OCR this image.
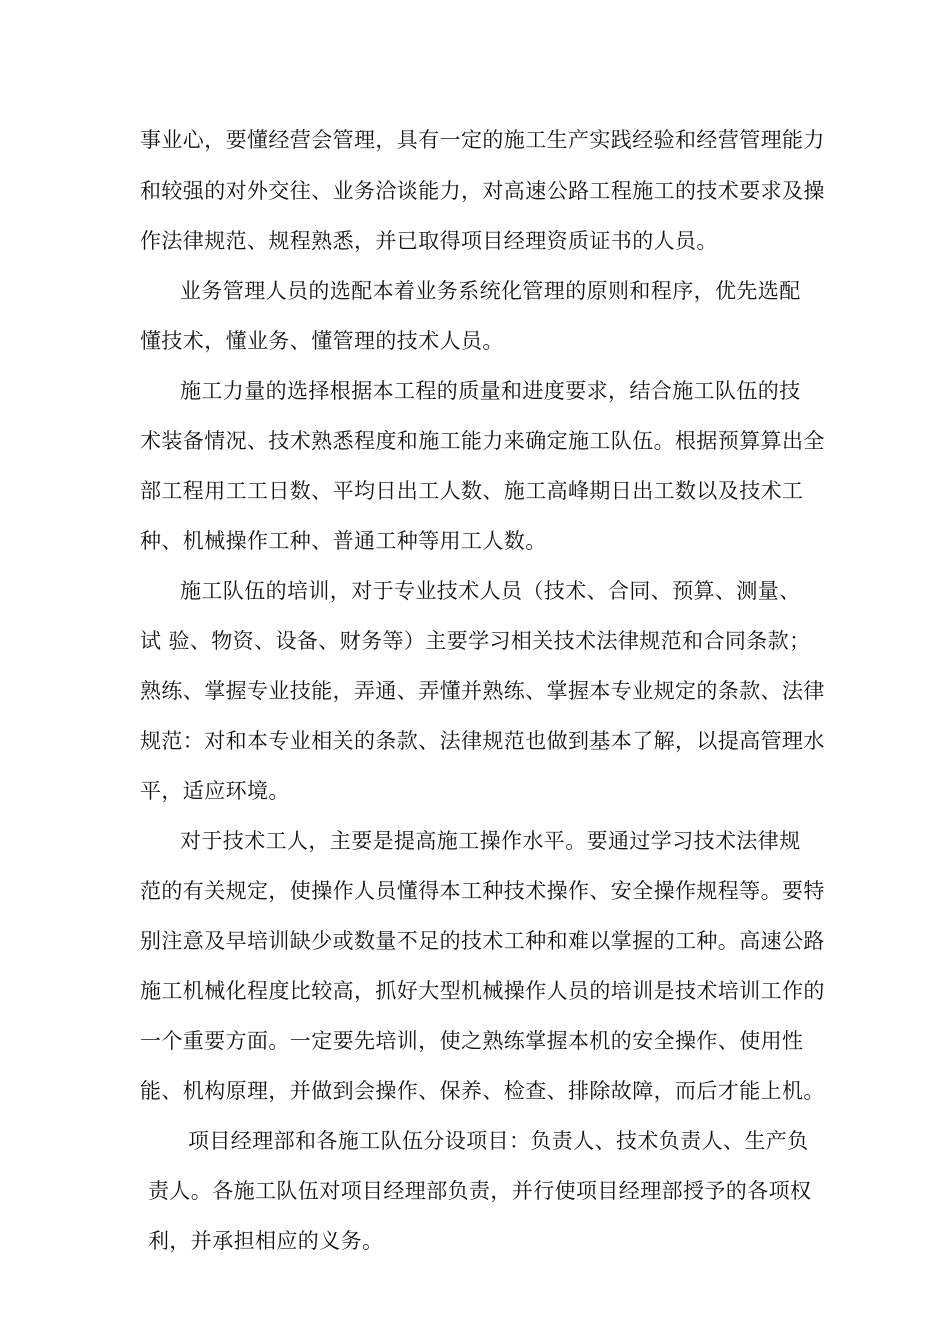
事业心，要懂经营会管理，具有一定的施工生产实践经验和经营管理能力
和较强的对外交往、业务洽谈能力，对高速公路工程施工的技术要求及操
作法律规范、规程熟悉，并已取得项目经理资质证书的人员。
业务管理人员的选配本着业务系统化管理的原则和程序，优先选配
懂技术，懂业务、懂管理的技术人员。
施工力量的选择根据本工程的质量和进度要求，结合施工队伍的技
术装备情况、技术熟悉程度和施工能力来确定施工队伍。根据预算算出全
部工程用工工日数、平均日出工人数、施工高峰期日出工数以及技术工
种、机械操作工种、普通工种等用工人数。
施工队伍的培训，对于专业技术人员（技术、合同、预算、测量、
试 验、物资、设备、财务等）主要学习相关技术法律规范和合同条款；
熟练、掌握专业技能，弄通、弄懂并熟练、掌握本专业规定的条款、法律
规范：对和本专业相关的条款、法律规范也做到基本了解，以提高管理水
平，适应环境。
对于技术工人，主要是提高施工操作水平。要通过学习技术法律规
范的有关规定，使操作人员懂得本工种技术操作、安全操作规程等。要特
别注意及早培训缺少或数量不足的技术工种和难以掌握的工种。高速公路
施工机械化程度比较高，抓好大型机械操作人员的培训是技术培训工作的
一个重要方面。一定要先培训，使之熟练掌握本机的安全操作、使用性
能、机构原理，并做到会操作、保养、检查、排除故障，而后才能上机。
项目经理部和各施工队伍分设项目：负责人、技术负责人、生产负
责人。各施工队伍对项目经理部负责，并行使项目经理部授予的各项权
利，并承担相应的义务。
